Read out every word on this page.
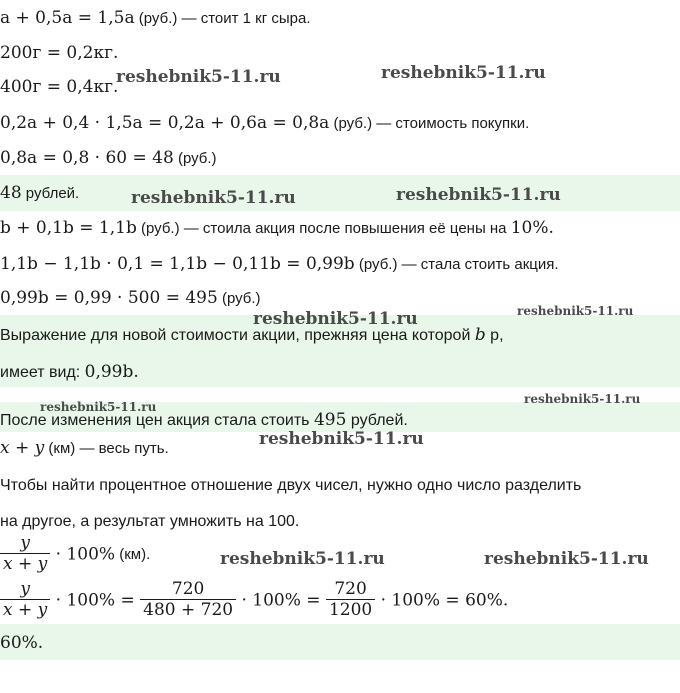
a + 0,5a = 1,5a (руб.) — стоит 1 кг сыра.
200г = 0,2кг.
400г = 0,4кг.
0,2a + 0,4 · 1,5a = 0,2a + 0,6a = 0,8a (руб.) — стоимость покупки.
0,8a = 0,8 · 60 = 48 (руб.)
48 рублей.
b + 0,1b = 1,1b (руб.) — стоила акция после повышения её цены на 10%.
1,1b − 1,1b · 0,1 = 1,1b − 0,11b = 0,99b (руб.) — стала стоить акция.
0,99b = 0,99 · 500 = 495 (руб.)
Выражение для новой стоимости акции, прежняя цена которой b р,
имеет вид: 0,99b.
После изменения цен акция стала стоить 495 рублей.
x + y (км) — весь путь.
Чтобы найти процентное отношение двух чисел, нужно одно число разделить
на другое, а результат умножить на 100.
$\frac{y}{x + y} \cdot 100\%$ (км).
$\frac{y}{x + y} \cdot 100\% = \frac{720}{480 + 720} \cdot 100\% = \frac{720}{1200} \cdot 100\% = 60\%$.
60%.
reshebnik5-11.ru	reshebnik5-11.ru
reshebnik5-11.ru	reshebnik5-11.ru
reshebnik5-11.ru	reshebnik5-11.ru
reshebnik5-11.ru
reshebnik5-11.ru
reshebnik5-11.ru
reshebnik5-11.ru	reshebnik5-11.ru
